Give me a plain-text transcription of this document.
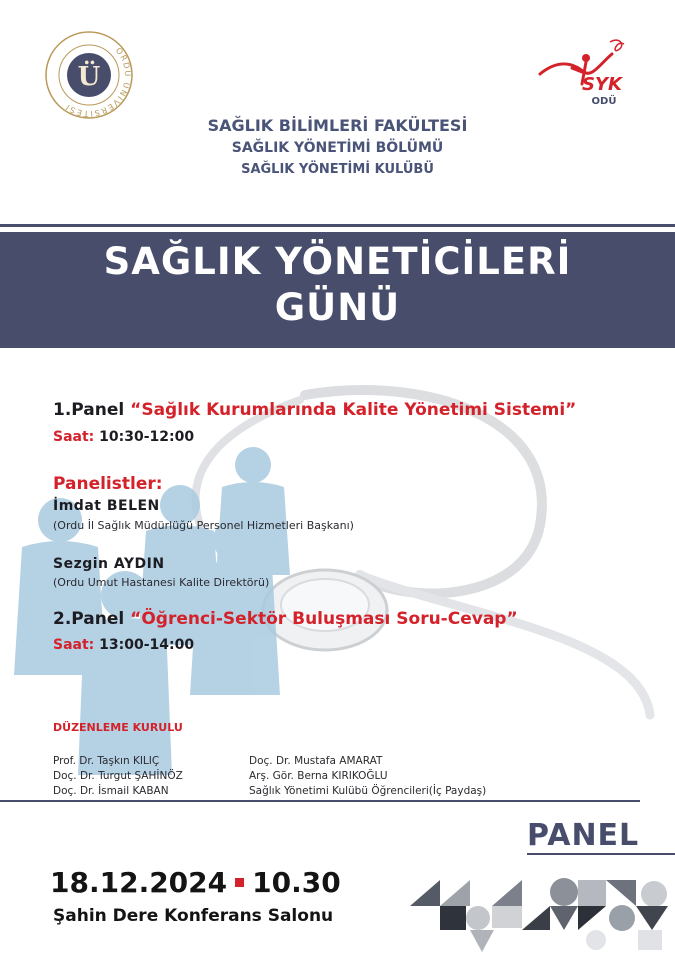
ORDU ÜNİVERSİTESİ
Ü	SYK
ODÜ
SAĞLIK BİLİMLERİ FAKÜLTESİ
SAĞLIK YÖNETİMİ BÖLÜMÜ
SAĞLIK YÖNETİMİ KULÜBÜ
SAĞLIK YÖNETİCİLERİ
GÜNÜ
1.Panel “Sağlık Kurumlarında Kalite Yönetimi Sistemi”
Saat: 10:30-12:00
Panelistler:
İmdat BELEN
(Ordu İl Sağlık Müdürlüğü Personel Hizmetleri Başkanı)
Sezgin AYDIN
(Ordu Umut Hastanesi Kalite Direktörü)
2.Panel “Öğrenci-Sektör Buluşması Soru-Cevap”
Saat: 13:00-14:00
DÜZENLEME KURULU
Prof. Dr. Taşkın KILIÇ
Doç. Dr. Turgut ŞAHİNÖZ
Doç. Dr. İsmail KABAN
Doç. Dr. Mustafa AMARAT
Arş. Gör. Berna KIRIKOĞLU
Sağlık Yönetimi Kulübü Öğrencileri(İç Paydaş)
PANEL
18.12.2024 10.30
Şahin Dere Konferans Salonu
